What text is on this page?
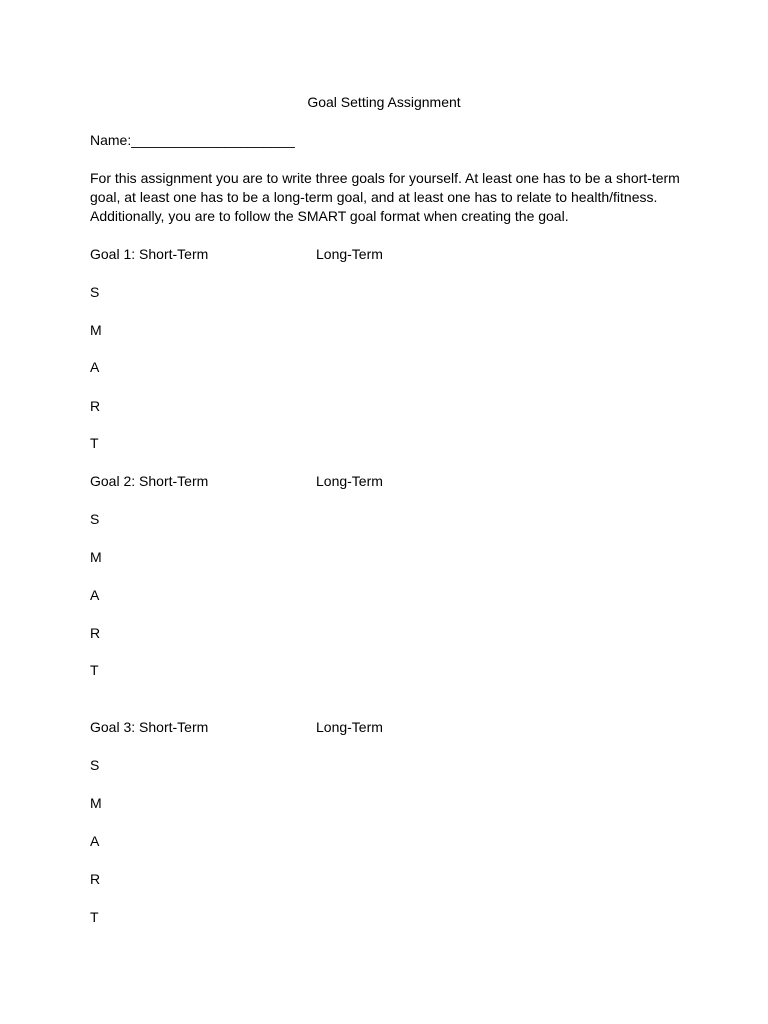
Goal Setting Assignment
Name:_____________________
For this assignment you are to write three goals for yourself. At least one has to be a short-term goal, at least one has to be a long-term goal, and at least one has to relate to health/fitness. Additionally, you are to follow the SMART goal format when creating the goal.
Goal 1: Short-Term	Long-Term
S
M
A
R
T
Goal 2: Short-Term	Long-Term
S
M
A
R
T
Goal 3: Short-Term	Long-Term
S
M
A
R
T
